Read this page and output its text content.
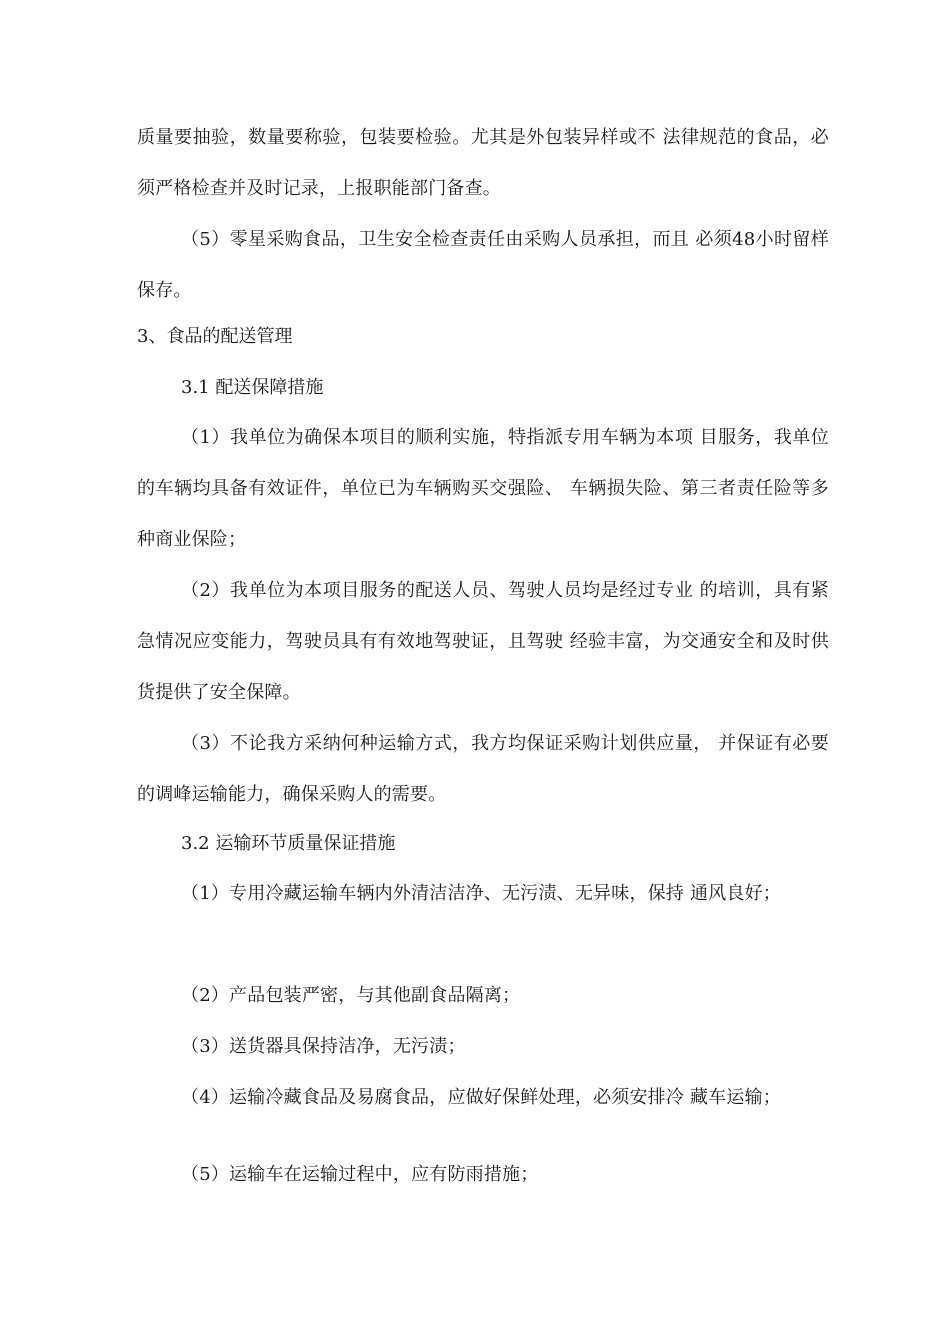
质量要抽验，数量要称验，包装要检验。尤其是外包装异样或不 法律规范的食品，必须严格检查并及时记录，上报职能部门备查。

（5）零星采购食品，卫生安全检查责任由采购人员承担，而且 必须48小时留样保存。

3、食品的配送管理

3.1 配送保障措施

（1）我单位为确保本项目的顺利实施，特指派专用车辆为本项 目服务，我单位的车辆均具备有效证件，单位已为车辆购买交强险、 车辆损失险、第三者责任险等多种商业保险；

（2）我单位为本项目服务的配送人员、驾驶人员均是经过专业 的培训，具有紧急情况应变能力，驾驶员具有有效地驾驶证，且驾驶 经验丰富，为交通安全和及时供货提供了安全保障。

（3）不论我方采纳何种运输方式，我方均保证采购计划供应量， 并保证有必要的调峰运输能力，确保采购人的需要。

3.2 运输环节质量保证措施

（1）专用冷藏运输车辆内外清洁洁净、无污渍、无异味，保持 通风良好；

（2）产品包装严密，与其他副食品隔离；

（3）送货器具保持洁净，无污渍；

（4）运输冷藏食品及易腐食品，应做好保鲜处理，必须安排冷 藏车运输；

（5）运输车在运输过程中，应有防雨措施；
